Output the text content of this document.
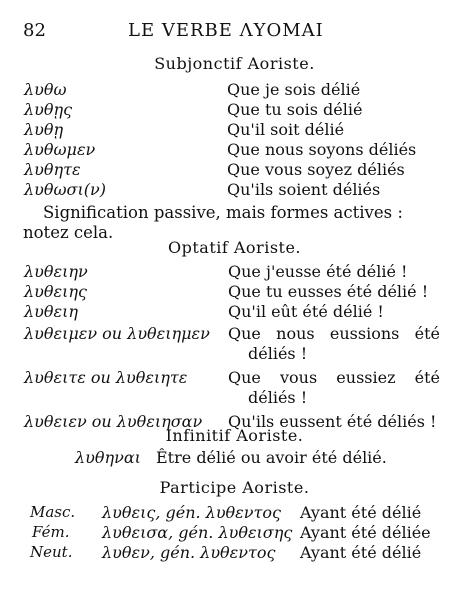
82	LE VERBE ΛΥΟΜΑΙ
Subjonctif Aoriste.
λυθω	Que je sois délié
λυθῃς	Que tu sois délié
λυθῃ	Qu'il soit délié
λυθωμεν	Que nous soyons déliés
λυθητε	Que vous soyez déliés
λυθωσι(ν)	Qu'ils soient déliés
Signification passive, mais formes actives : notez cela.
Optatif Aoriste.
λυθειην	Que j'eusse été délié !
λυθειης	Que tu eusses été délié !
λυθειη	Qu'il eût été délié !
λυθειμεν ou λυθειημεν Que nous eussions été
déliés !
λυθειτε ou λυθειητε	Que vous eussiez été
déliés !
λυθειεν ou λυθειησαν Qu'ils eussent été déliés !
Infinitif Aoriste.
λυθηναι Être délié ou avoir été délié.
Participe Aoriste.
Masc. λυθεις, gén. λυθεντος Ayant été délié
Fém. λυθεισα, gén. λυθεισης Ayant été déliée
Neut. λυθεν, gén. λυθεντος Ayant été délié
